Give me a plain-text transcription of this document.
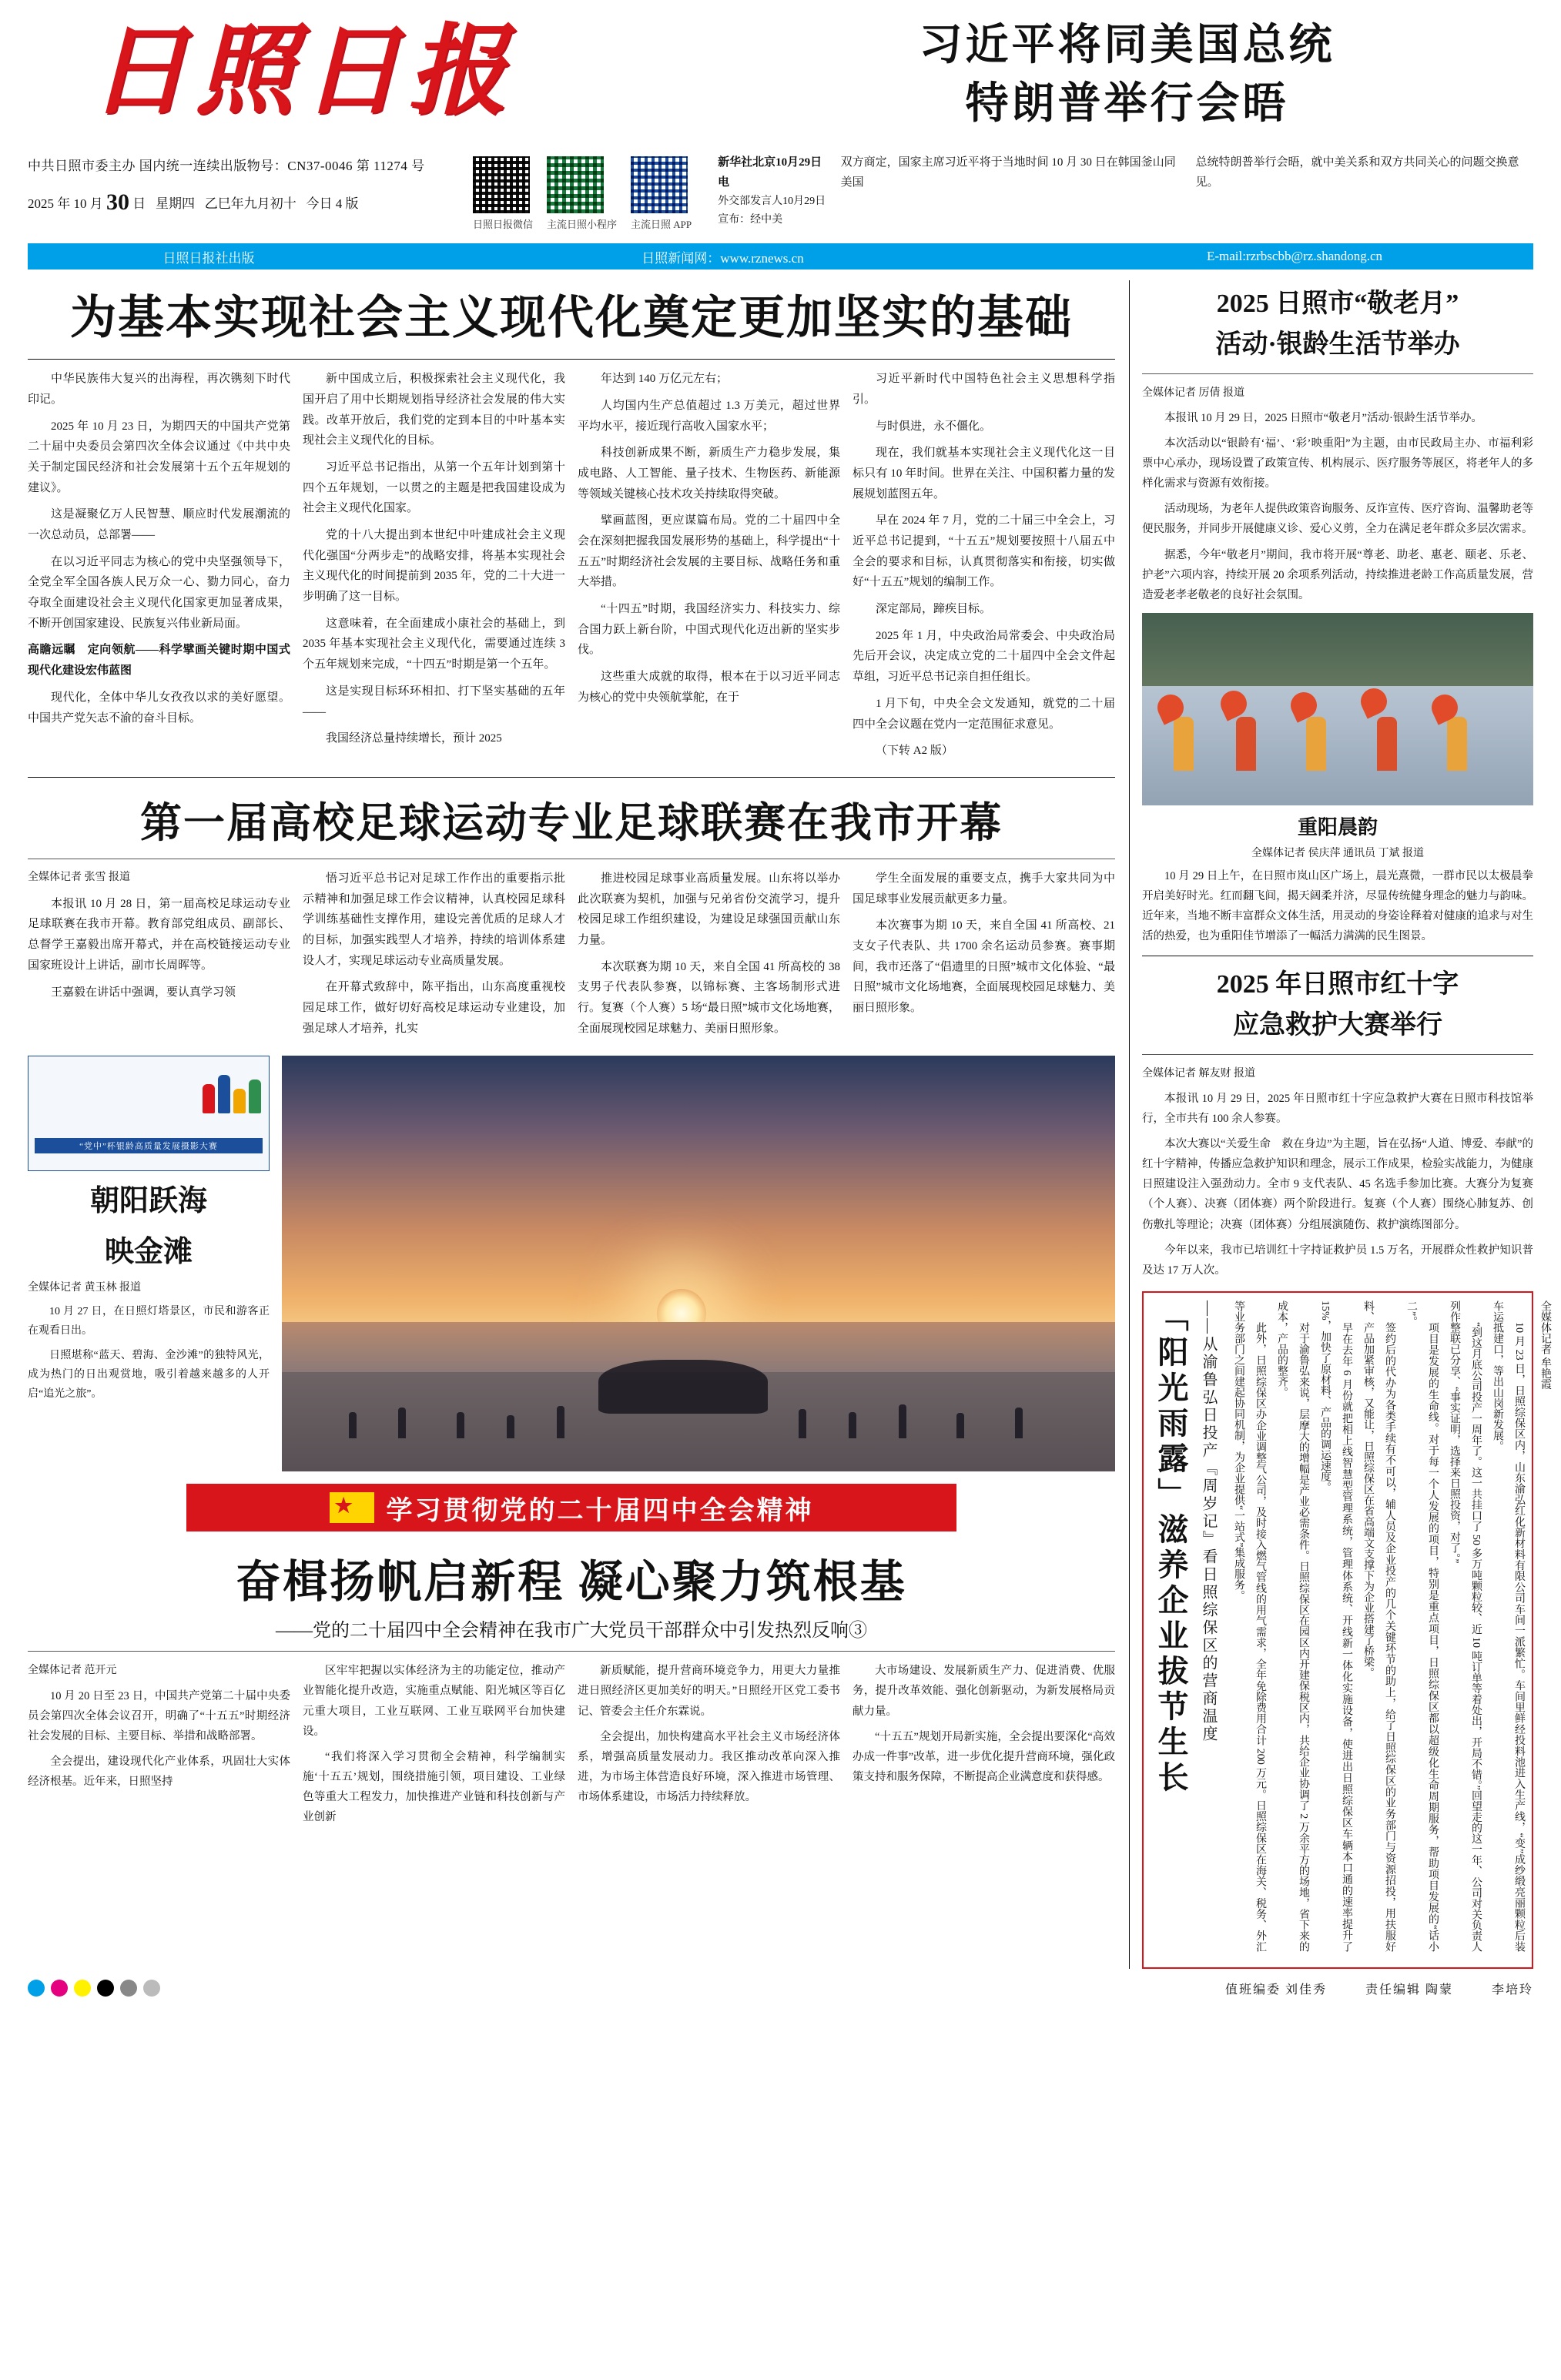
日照日报	习近平将同美国总统
特朗普举行会晤
中共日照市委主办 国内统一连续出版物号：CN37-0046 第 11274 号
2025 年 10 月 30 日 星期四 乙巳年九月初十 今日 4 版
日照日报微信 主流日照小程序 主流日照 APP
新华社北京10月29日电
外交部发言人10月29日宣布：经中美
双方商定，国家主席习近平将于当地时间 10 月 30 日在韩国釜山同美国
总统特朗普举行会晤，就中美关系和双方共同关心的问题交换意见。
日照日报社出版	日照新闻网：www.rznews.cn	E-mail:rzrbscbb@rz.shandong.cn
为基本实现社会主义现代化奠定更加坚实的基础

中华民族伟大复兴的出海程，再次镌刻下时代印记。

2025 年 10 月 23 日，为期四天的中国共产党第二十届中央委员会第四次全体会议通过《中共中央关于制定国民经济和社会发展第十五个五年规划的建议》。

这是凝聚亿万人民智慧、顺应时代发展潮流的一次总动员，总部署——

在以习近平同志为核心的党中央坚强领导下，全党全军全国各族人民万众一心、勠力同心，奋力夺取全面建设社会主义现代化国家更加显著成果，不断开创国家建设、民族复兴伟业新局面。

高瞻远瞩　定向领航——科学擘画关键时期中国式现代化建设宏伟蓝图

现代化，全体中华儿女孜孜以求的美好愿望。中国共产党矢志不渝的奋斗目标。

新中国成立后，积极探索社会主义现代化，我国开启了用中长期规划指导经济社会发展的伟大实践。改革开放后，我们党的定到本目的中叶基本实现社会主义现代化的目标。

习近平总书记指出，从第一个五年计划到第十四个五年规划，一以贯之的主题是把我国建设成为社会主义现代化国家。

党的十八大提出到本世纪中叶建成社会主义现代化强国“分两步走”的战略安排，将基本实现社会主义现代化的时间提前到 2035 年，党的二十大进一步明确了这一目标。

这意味着，在全面建成小康社会的基础上，到 2035 年基本实现社会主义现代化，需要通过连续 3 个五年规划来完成，“十四五”时期是第一个五年。

这是实现目标环环相扣、打下坚实基础的五年——

我国经济总量持续增长，预计 2025

年达到 140 万亿元左右；

人均国内生产总值超过 1.3 万美元，超过世界平均水平，接近现行高收入国家水平；

科技创新成果不断，新质生产力稳步发展，集成电路、人工智能、量子技术、生物医药、新能源等领域关键核心技术攻关持续取得突破。

擘画蓝图，更应谋篇布局。党的二十届四中全会在深刻把握我国发展形势的基础上，科学提出“十五五”时期经济社会发展的主要目标、战略任务和重大举措。

“十四五”时期，我国经济实力、科技实力、综合国力跃上新台阶，中国式现代化迈出新的坚实步伐。

这些重大成就的取得，根本在于以习近平同志为核心的党中央领航掌舵，在于

习近平新时代中国特色社会主义思想科学指引。

与时俱进，永不僵化。

现在，我们就基本实现社会主义现代化这一目标只有 10 年时间。世界在关注、中国积蓄力量的发展规划蓝图五年。

早在 2024 年 7 月，党的二十届三中全会上，习近平总书记提到，“十五五”规划要按照十八届五中全会的要求和目标，认真贯彻落实和衔接，切实做好“十五五”规划的编制工作。

深定部局，蹄疾目标。

2025 年 1 月，中央政治局常委会、中央政治局先后开会议，决定成立党的二十届四中全会文件起草组，习近平总书记亲自担任组长。

1 月下旬，中央全会文发通知，就党的二十届四中全会议题在党内一定范围征求意见。

（下转 A2 版）

第一届高校足球运动专业足球联赛在我市开幕

全媒体记者 张雪 报道

本报讯 10 月 28 日，第一届高校足球运动专业足球联赛在我市开幕。教育部党组成员、副部长、总督学王嘉毅出席开幕式，并在高校链接运动专业国家班设计上讲话，副市长周晖等。

王嘉毅在讲话中强调，要认真学习领

悟习近平总书记对足球工作作出的重要指示批示精神和加强足球工作会议精神，认真校园足球科学训练基础性支撑作用，建设完善优质的足球人才的目标，加强实践型人才培养，持续的培训体系建设人才，实现足球运动专业高质量发展。

在开幕式致辞中，陈平指出，山东高度重视校园足球工作，做好切好高校足球运动专业建设，加强足球人才培养，扎实

推进校园足球事业高质量发展。山东将以举办此次联赛为契机，加强与兄弟省份交流学习，提升校园足球工作组织建设，为建设足球强国贡献山东力量。

本次联赛为期 10 天，来自全国 41 所高校的 38 支男子代表队参赛，以锦标赛、主客场制形式进行。复赛（个人赛）5 场“最日照”城市文化场地赛，全面展现校园足球魅力、美丽日照形象。

学生全面发展的重要支点，携手大家共同为中国足球事业发展贡献更多力量。

本次赛事为期 10 天，来自全国 41 所高校、21 支女子代表队、共 1700 余名运动员参赛。赛事期间，我市还落了“倡遗里的日照”城市文化体验、“最日照”城市文化场地赛，全面展现校园足球魅力、美丽日照形象。

“党中”杯银龄高质量发展摄影大赛
朝阳跃海
映金滩

全媒体记者 黄玉林 报道

10 月 27 日，在日照灯塔景区，市民和游客正在观看日出。

日照堪称“蓝天、碧海、金沙滩”的独特风光，成为热门的日出观赏地，吸引着越来越多的人开启“追光之旅”。

★
学习贯彻党的二十届四中全会精神
奋楫扬帆启新程 凝心聚力筑根基
——党的二十届四中全会精神在我市广大党员干部群众中引发热烈反响③

全媒体记者 范开元

10 月 20 日至 23 日，中国共产党第二十届中央委员会第四次全体会议召开，明确了“十五五”时期经济社会发展的目标、主要目标、举措和战略部署。

全会提出，建设现代化产业体系，巩固壮大实体经济根基。近年来，日照坚持

区牢牢把握以实体经济为主的功能定位，推动产业智能化提升改造，实施重点赋能、阳光城区等百亿元重大项目，工业互联网、工业互联网平台加快建设。

“我们将深入学习贯彻全会精神，科学编制实施‘十五五’规划，围绕措施引领，项目建设、工业绿色等重大工程发力，加快推进产业链和科技创新与产业创新

新质赋能，提升营商环境竞争力，用更大力量推进日照经济区更加美好的明天。”日照经开区党工委书记、管委会主任介东霖说。

全会提出，加快构建高水平社会主义市场经济体系，增强高质量发展动力。我区推动改革向深入推进，为市场主体营造良好环境，深入推进市场管理、市场体系建设，市场活力持续释放。

大市场建设、发展新质生产力、促进消费、优服务，提升改革效能、强化创新驱动，为新发展格局贡献力量。

“十五五”规划开局新实施，全会提出要深化“高效办成一件事”改革，进一步优化提升营商环境，强化政策支持和服务保障，不断提高企业满意度和获得感。

2025 日照市“敬老月”
活动·银龄生活节举办

全媒体记者 厉倩 报道

本报讯 10 月 29 日，2025 日照市“敬老月”活动·银龄生活节举办。

本次活动以“银龄有‘福’、‘彩’映重阳”为主题，由市民政局主办、市福利彩票中心承办，现场设置了政策宣传、机构展示、医疗服务等展区，将老年人的多样化需求与资源有效衔接。

活动现场，为老年人提供政策咨询服务、反诈宣传、医疗咨询、温馨助老等便民服务，并同步开展健康义诊、爱心义剪，全力在满足老年群众多层次需求。

据悉，今年“敬老月”期间，我市将开展“尊老、助老、惠老、颐老、乐老、护老”六项内容，持续开展 20 余项系列活动，持续推进老龄工作高质量发展，营造爱老孝老敬老的良好社会氛围。

重阳晨韵
全媒体记者 侯庆萍 通讯员 丁斌 报道

10 月 29 日上午，在日照市岚山区广场上，晨光熹微，一群市民以太极晨拳开启美好时光。红而翻飞间，揭天阔柔并济，尽显传统健身理念的魅力与韵味。近年来，当地不断丰富群众文体生活，用灵动的身姿诠释着对健康的追求与对生活的热爱，也为重阳佳节增添了一幅活力满满的民生图景。

2025 年日照市红十字
应急救护大赛举行

全媒体记者 解友财 报道

本报讯 10 月 29 日，2025 年日照市红十字应急救护大赛在日照市科技馆举行，全市共有 100 余人参赛。

本次大赛以“关爱生命　救在身边”为主题，旨在弘扬“人道、博爱、奉献”的红十字精神，传播应急救护知识和理念，展示工作成果，检验实战能力，为健康日照建设注入强劲动力。全市 9 支代表队、45 名选手参加比赛。大赛分为复赛（个人赛）、决赛（团体赛）两个阶段进行。复赛（个人赛）围绕心肺复苏、创伤敷扎等理论；决赛（团体赛）分组展演随伤、救护演练图部分。

今年以来，我市已培训红十字持证救护员 1.5 万名，开展群众性救护知识普及达 17 万人次。

「阳光雨露」滋养企业拔节生长 ——从渝鲁弘日投产『周岁记』看日照综保区的营商温度	10 月 23 日，日照综保区内，山东渝弘红化新材料有限公司车间一派繁忙。车间里鲜经投料池进入生产线，“变”成纱缎亮丽颗粒后装车运抵建口，等出山岗新发展。

“到这月底公司投产一周年了。这一共挂口了 50 多万吨颗粒较、近 10 吨订单等着处出，开局不错。”回望走的这一年、公司对关负责人列作整联已分享、“事实证明，选择来日照投资，对了。”

项目是发展的生命线。对于每一个人发展的项目，特别是重点项目，日照综保区都以超级化生命周期服务，帮助项目发展的“话小二”。

签约后的代办为各类手续有不可以，辅人员及企业投产的几个关键环节的助上，给了日照综保区的业务部门与资源招投，用扶服好料、产品加紧审核，又能让，日照综保区在省高端文支撑下为企业搭建了桥梁。

早在去年 6 月份就把相上线智慧型管理系统，管理体系统、开线新一体化实施设备，使进出日照综保区车辆本口通的速率提升了 15%，加快了原材料、产品的调运速度。

对于渝鲁弘来说，层摩大的增幅是产业必需条件。日照综保区在园区内开建保税区内，共给企业协调了 2 万余平方的场地，省下来的成本，产品的整齐。

此外，日照综保区办企业调整气公司，及时接入燃气管线的用气需求，全年免除费用合计 200 万元。日照综保区在海关、税务、外汇等业务部门之间建起协同机制，为企业提供“一站式”集成服务。	全媒体记者 牟艳霞
值班编委 刘佳秀	责任编辑 陶蒙	李培玲
